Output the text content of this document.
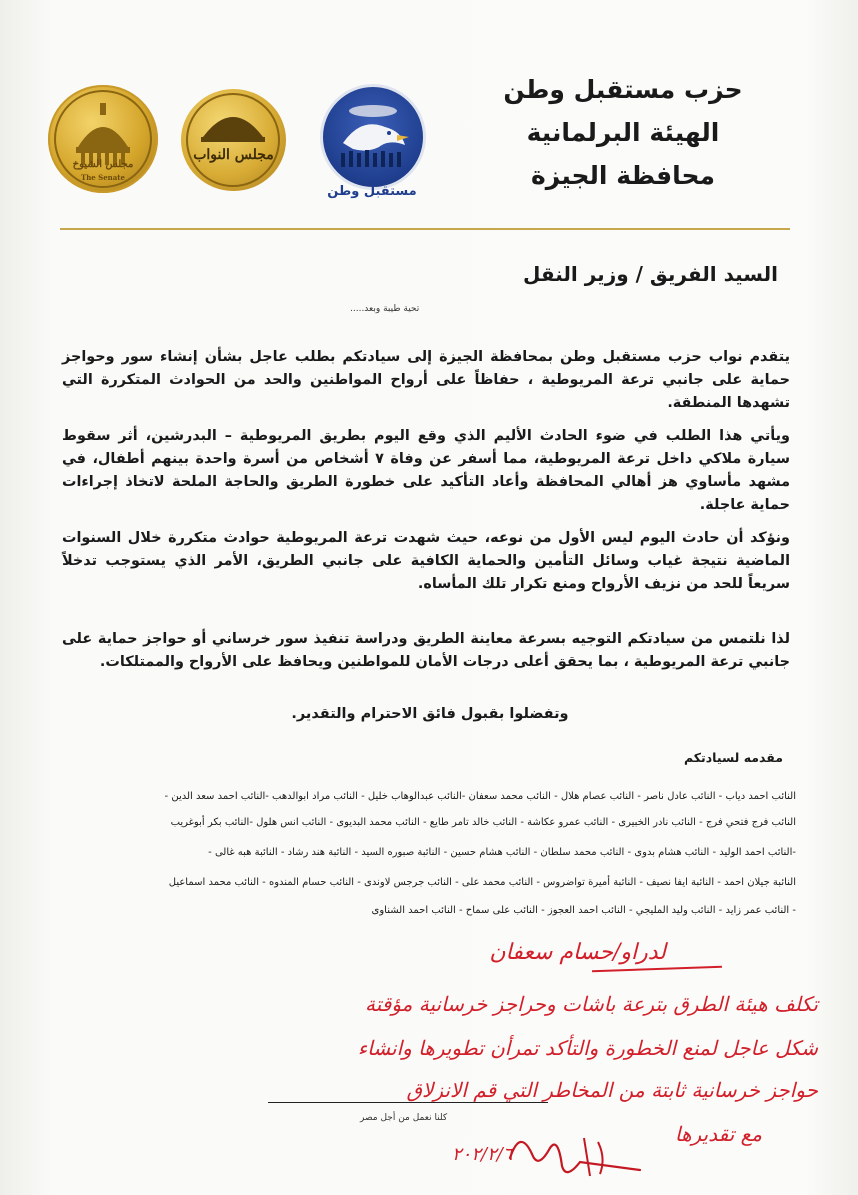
حزب مستقبل وطن
الهيئة البرلمانية
محافظة الجيزة
مجلس الشيوخ
The Senate
مجلس النواب
مستقبل وطن
السيد الفريق / وزير النقل
تحية طيبة وبعد.....
يتقدم نواب حزب مستقبل وطن بمحافظة الجيزة إلى سيادتكم بطلب عاجل بشأن إنشاء سور وحواجز حماية على جانبي ترعة المريوطية ، حفاظاً على أرواح المواطنين والحد من الحوادث المتكررة التي تشهدها المنطقة.
ويأتي هذا الطلب في ضوء الحادث الأليم الذي وقع اليوم بطريق المريوطية – البدرشين، أثر سقوط سيارة ملاكي داخل ترعة المريوطية، مما أسفر عن وفاة ٧ أشخاص من أسرة واحدة بينهم أطفال، في مشهد مأساوي هز أهالي المحافظة وأعاد التأكيد على خطورة الطريق والحاجة الملحة لاتخاذ إجراءات حماية عاجلة.
ونؤكد أن حادث اليوم ليس الأول من نوعه، حيث شهدت ترعة المريوطية حوادث متكررة خلال السنوات الماضية نتيجة غياب وسائل التأمين والحماية الكافية على جانبي الطريق، الأمر الذي يستوجب تدخلاً سريعاً للحد من نزيف الأرواح ومنع تكرار تلك المأساه.
لذا نلتمس من سيادتكم التوجيه بسرعة معاينة الطريق ودراسة تنفيذ سور خرساني أو حواجز حماية على جانبي ترعة المريوطية ، بما يحقق أعلى درجات الأمان للمواطنين ويحافظ على الأرواح والممتلكات.
وتفضلوا بقبول فائق الاحترام والتقدير.
مقدمه لسيادتكم
النائب احمد دياب - النائب عادل ناصر - النائب عصام هلال - النائب محمد سعفان -النائب عبدالوهاب خليل - النائب مراد ابوالدهب -النائب احمد سعد الدين -
النائب فرج فتحي فرج - النائب نادر الخبيرى - النائب عمرو عكاشة - النائب خالد تامر طايع - النائب محمد البديوى - النائب انس هلول -النائب بكر أبوغريب
-النائب احمد الوليد - النائب هشام بدوى - النائب محمد سلطان - النائب هشام حسين - النائبة صبوره السيد - النائبة هند رشاد - النائبة هبه غالى -
النائبة جيلان احمد - النائبة ايفا نصيف - النائبة أميرة تواضروس - النائب محمد على - النائب جرجس لاوندى - النائب حسام المندوه - النائب محمد اسماعيل
- النائب عمر زايد - النائب وليد المليجي - النائب احمد العجوز - النائب على سماح - النائب احمد الشناوى
لدراو/حسام سعفان
تكلف هيئة الطرق بترعة باشات وحراجز خرسانية مؤقتة
شكل عاجل لمنع الخطورة والتأكد تمرأن تطويرها وانشاء
حواجز خرسانية ثابتة من المخاطر التي قم الانزلاق
مع تقديرها
٢٠٢/٢/٦
كلنا نعمل من أجل مصر
